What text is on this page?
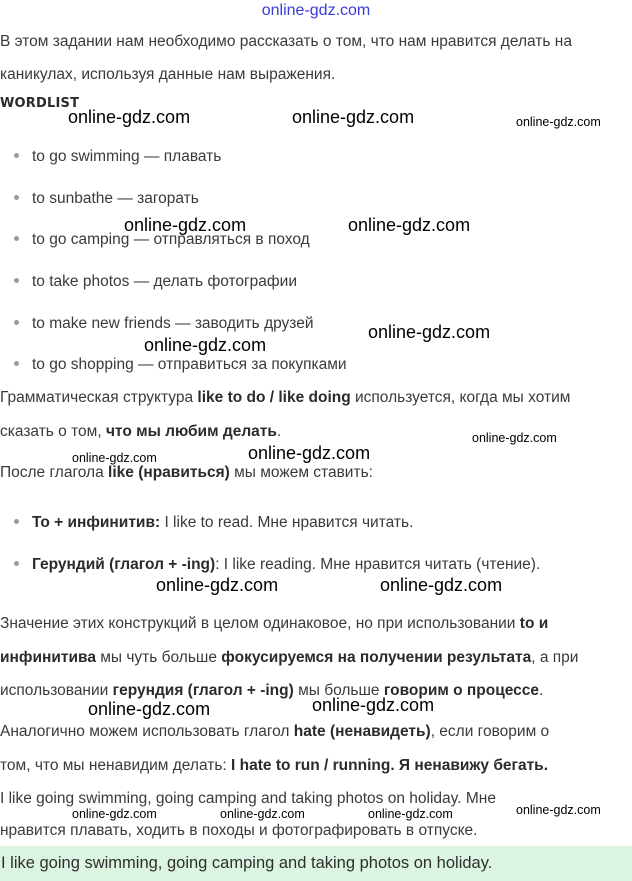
online-gdz.com
В этом задании нам необходимо рассказать о том, что нам нравится делать на
каникулах, используя данные нам выражения.
WORDLIST
to go swimming — плавать
to sunbathe — загорать
to go camping — отправляться в поход
to take photos — делать фотографии
to make new friends — заводить друзей
to go shopping — отправиться за покупками
Грамматическая структура like to do / like doing используется, когда мы хотим
сказать о том, что мы любим делать.
После глагола like (нравиться) мы можем ставить:
To + инфинитив: I like to read. Мне нравится читать.
Герундий (глагол + -ing): I like reading. Мне нравится читать (чтение).
Значение этих конструкций в целом одинаковое, но при использовании to и
инфинитива мы чуть больше фокусируемся на получении результата, а при
использовании герундия (глагол + -ing) мы больше говорим о процессе.
Аналогично можем использовать глагол hate (ненавидеть), если говорим о
том, что мы ненавидим делать: I hate to run / running. Я ненавижу бегать.
I like going swimming, going camping and taking photos on holiday. Мне
нравится плавать, ходить в походы и фотографировать в отпуске.
I like going swimming, going camping and taking photos on holiday.
online-gdz.com	online-gdz.com	online-gdz.com
online-gdz.com	online-gdz.com
online-gdz.com
online-gdz.com
online-gdz.com
online-gdz.com
online-gdz.com
online-gdz.com	online-gdz.com
online-gdz.com
online-gdz.com
online-gdz.com
online-gdz.com	online-gdz.com	online-gdz.com
